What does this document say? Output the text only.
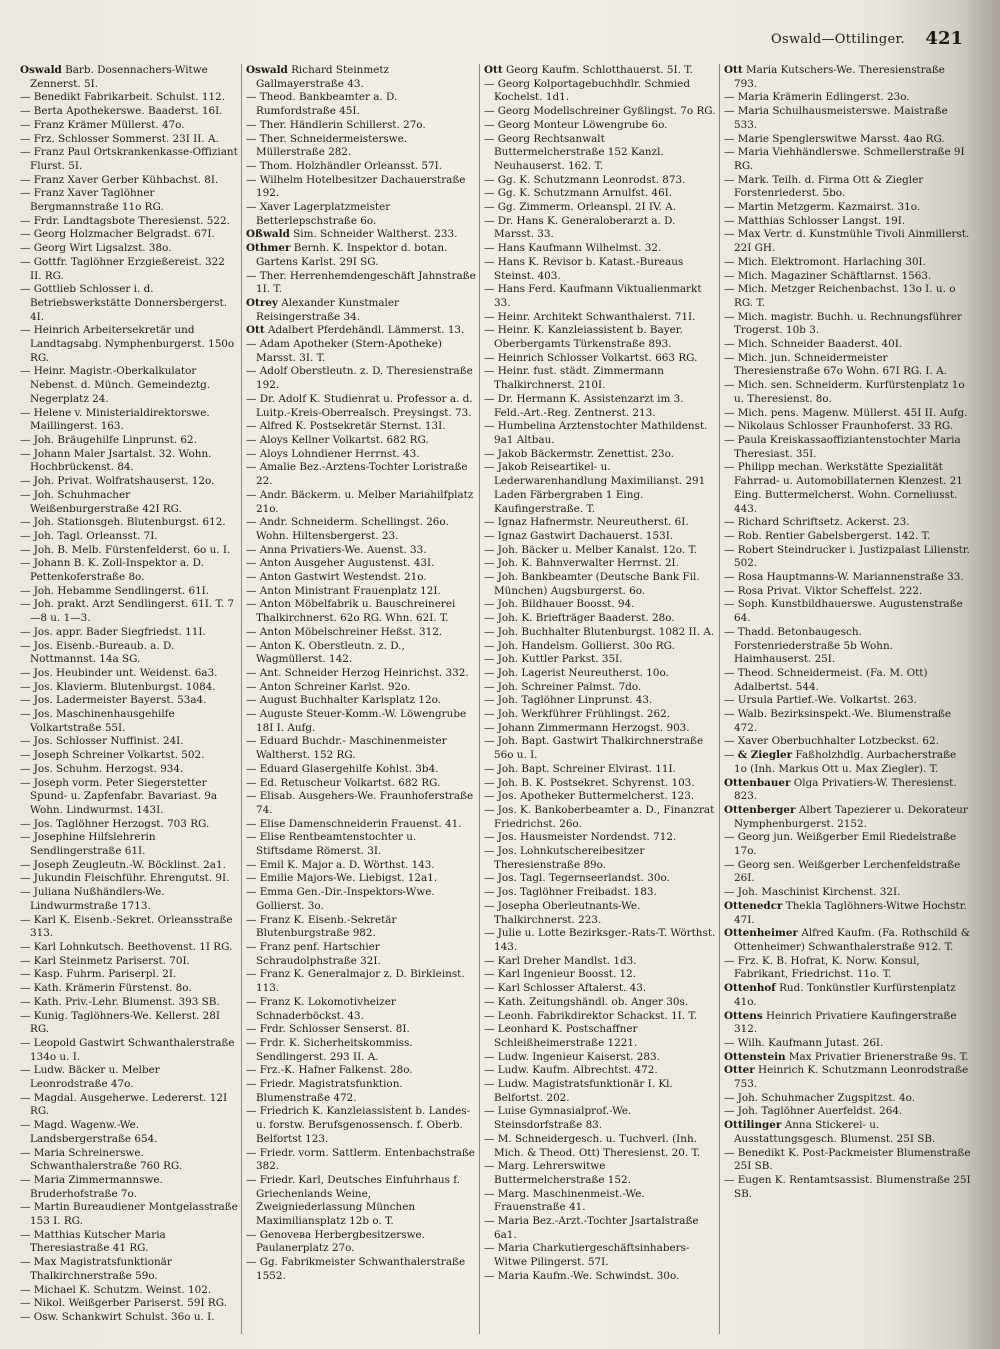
Oswald—Ottilinger. 421

Oswald Barb. Dosennachers-Witwe Zennerst. 5I.

— Benedikt Fabrikarbeit. Schulst. 112.

— Berta Apothekerswe. Baaderst. 16I.

— Franz Krämer Müllerst. 47o.

— Frz. Schlosser Sommerst. 23I II. A.

— Franz Paul Ortskrankenkasse-Offiziant Flurst. 5I.

— Franz Xaver Gerber Kühbachst. 8I.

— Franz Xaver Taglöhner Bergmannstraße 11o RG.

— Frdr. Landtagsbote Theresienst. 522.

— Georg Holzmacher Belgradst. 67I.

— Georg Wirt Ligsalzst. 38o.

— Gottfr. Taglöhner Erzgießereist. 322 II. RG.

— Gottlieb Schlosser i. d. Betriebswerkstätte Donnersbergerst. 4I.

— Heinrich Arbeitersekretär und Landtagsabg. Nymphenburgerst. 150o RG.

— Heinr. Magistr.-Oberkalkulator Nebenst. d. Münch. Gemeindeztg. Negerplatz 24.

— Helene v. Ministerialdirektorswe. Maillingerst. 163.

— Joh. Bräugehilfe Linprunst. 62.

— Johann Maler Jsartalst. 32. Wohn. Hochbrückenst. 84.

— Joh. Privat. Wolfratshauserst. 12o.

— Joh. Schuhmacher Weißenburgerstraße 42I RG.

— Joh. Stationsgeh. Blutenburgst. 612.

— Joh. Tagl. Orleansst. 7I.

— Joh. B. Melb. Fürstenfelderst. 6o u. I.

— Johann B. K. Zoll-Inspektor a. D. Pettenkoferstraße 8o.

— Joh. Hebamme Sendlingerst. 61I.

— Joh. prakt. Arzt Sendlingerst. 61I. T. 7—8 u. 1—3.

— Jos. appr. Bader Siegfriedst. 11I.

— Jos. Eisenb.-Bureaub. a. D. Nottmannst. 14a SG.

— Jos. Heubinder unt. Weidenst. 6a3.

— Jos. Klavierm. Blutenburgst. 1084.

— Jos. Ladermeister Bayerst. 53a4.

— Jos. Maschinenhausgehilfe Volkartstraße 55I.

— Jos. Schlosser Nuffinist. 24I.

— Joseph Schreiner Volkartst. 502.

— Jos. Schuhm. Herzogst. 934.

— Joseph vorm. Peter Siegerstetter Spund- u. Zapfenfabr. Bavariast. 9a Wohn. Lindwurmst. 143I.

— Jos. Taglöhner Herzogst. 703 RG.

— Josephine Hilfslehrerin Sendlingerstraße 61I.

— Joseph Zeugleutn.-W. Böcklinst. 2a1.

— Jukundin Fleischführ. Ehrengutst. 9I.

— Juliana Nußhändlers-We. Lindwurmstraße 1713.

— Karl K. Eisenb.-Sekret. Orleansstraße 313.

— Karl Lohnkutsch. Beethovenst. 1I RG.

— Karl Steinmetz Pariserst. 70I.

— Kasp. Fuhrm. Pariserpl. 2I.

— Kath. Krämerin Fürstenst. 8o.

— Kath. Priv.-Lehr. Blumenst. 393 SB.

— Kunig. Taglöhners-We. Kellerst. 28I RG.

— Leopold Gastwirt Schwanthalerstraße 134o u. I.

— Ludw. Bäcker u. Melber Leonrodstraße 47o.

— Magdal. Ausgeherwe. Ledererst. 12I RG.

— Magd. Wagenw.-We. Landsbergerstraße 654.

— Maria Schreinerswe. Schwanthalerstraße 760 RG.

— Maria Zimmermannswe. Bruderhofstraße 7o.

— Martin Bureaudiener Montgelasstraße 153 I. RG.

— Matthias Kutscher Maria Theresiastraße 41 RG.

— Max Magistratsfunktionär Thalkirchnerstraße 59o.

— Michael K. Schutzm. Weinst. 102.

— Nikol. Weißgerber Pariserst. 59I RG.

— Osw. Schankwirt Schulst. 36o u. I.

Oswald Richard Steinmetz Gallmayerstraße 43.

— Theod. Bankbeamter a. D. Rumfordstraße 45I.

— Ther. Händlerin Schillerst. 27o.

— Ther. Schneidermeisterswe. Müllerstraße 282.

— Thom. Holzhändler Orleansst. 57I.

— Wilhelm Hotelbesitzer Dachauerstraße 192.

— Xaver Lagerplatzmeister Betterlepschstraße 6o.

Oßwald Sim. Schneider Waltherst. 233.

Othmer Bernh. K. Inspektor d. botan. Gartens Karlst. 29I SG.

— Ther. Herrenhemdengeschäft Jahnstraße 1I. T.

Otrey Alexander Kunstmaler Reisingerstraße 34.

Ott Adalbert Pferdehändl. Lämmerst. 13.

— Adam Apotheker (Stern-Apotheke) Marsst. 3I. T.

— Adolf Oberstleutn. z. D. Theresienstraße 192.

— Dr. Adolf K. Studienrat u. Professor a. d. Luitp.-Kreis-Oberrealsch. Preysingst. 73.

— Alfred K. Postsekretär Sternst. 13I.

— Aloys Kellner Volkartst. 682 RG.

— Aloys Lohndiener Herrnst. 43.

— Amalie Bez.-Arztens-Tochter Loristraße 22.

— Andr. Bäckerm. u. Melber Mariahilfplatz 21o.

— Andr. Schneiderm. Schellingst. 26o. Wohn. Hiltensbergerst. 23.

— Anna Privatiers-We. Auenst. 33.

— Anton Ausgeher Augustenst. 43I.

— Anton Gastwirt Westendst. 21o.

— Anton Ministrant Frauenplatz 12I.

— Anton Möbelfabrik u. Bauschreinerei Thalkirchnerst. 62o RG. Whn. 62I. T.

— Anton Möbelschreiner Heßst. 312.

— Anton K. Oberstleutn. z. D., Wagmüllerst. 142.

— Ant. Schneider Herzog Heinrichst. 332.

— Anton Schreiner Karlst. 92o.

— August Buchhalter Karlsplatz 12o.

— Auguste Steuer-Komm.-W. Löwengrube 18I I. Aufg.

— Eduard Buchdr.- Maschinenmeister Waltherst. 152 RG.

— Eduard Glasergehilfe Kohlst. 3b4.

— Ed. Retuscheur Volkartst. 682 RG.

— Elisab. Ausgehers-We. Fraunhoferstraße 74.

— Elise Damenschneiderin Frauenst. 41.

— Elise Rentbeamtenstochter u. Stiftsdame Römerst. 3I.

— Emil K. Major a. D. Wörthst. 143.

— Emilie Majors-We. Liebigst. 12a1.

— Emma Gen.-Dir.-Inspektors-Wwe. Gollierst. 3o.

— Franz K. Eisenb.-Sekretär Blutenburgstraße 982.

— Franz penf. Hartschier Schraudolphstraße 32I.

— Franz K. Generalmajor z. D. Birkleinst. 113.

— Franz K. Lokomotivheizer Schnaderböckst. 43.

— Frdr. Schlosser Senserst. 8I.

— Frdr. K. Sicherheitskommiss. Sendlingerst. 293 II. A.

— Frz.-K. Hafner Falkenst. 28o.

— Friedr. Magistratsfunktion. Blumenstraße 472.

— Friedrich K. Kanzleiassistent b. Landes- u. forstw. Berufsgenossensch. f. Oberb. Belfortst 123.

— Friedr. vorm. Sattlerm. Entenbachstraße 382.

— Friedr. Karl, Deutsches Einfuhrhaus f. Griechenlands Weine, Zweigniederlassung München Maximiliansplatz 12b o. T.

— Genovева Herbergbesitzerswe. Paulanerplatz 27o.

— Gg. Fabrikmeister Schwanthalerstraße 1552.

Ott Georg Kaufm. Schlotthauerst. 5I. T.

— Georg Kolportagebuchhdlr. Schmied Kochelst. 1d1.

— Georg Modellschreiner Gyßlingst. 7o RG.

— Georg Monteur Löwengrube 6o.

— Georg Rechtsanwalt Buttermelcherstraße 152 Kanzl. Neuhauserst. 162. T.

— Gg. K. Schutzmann Leonrodst. 873.

— Gg. K. Schutzmann Arnulfst. 46I.

— Gg. Zimmerm. Orleanspl. 2I IV. A.

— Dr. Hans K. Generaloberarzt a. D. Marsst. 33.

— Hans Kaufmann Wilhelmst. 32.

— Hans K. Revisor b. Katast.-Bureaus Steinst. 403.

— Hans Ferd. Kaufmann Viktualienmarkt 33.

— Heinr. Architekt Schwanthalerst. 71I.

— Heinr. K. Kanzleiassistent b. Bayer. Oberbergamts Türkenstraße 893.

— Heinrich Schlosser Volkartst. 663 RG.

— Heinr. fust. städt. Zimmermann Thalkirchnerst. 210I.

— Dr. Hermann K. Assistenzarzt im 3. Feld.-Art.-Reg. Zentnerst. 213.

— Humbelina Arztenstochter Mathildenst. 9a1 Altbau.

— Jakob Bäckermstr. Zenettist. 23o.

— Jakob Reiseartikel- u. Lederwarenhandlung Maximilianst. 291 Laden Färbergraben 1 Eing. Kaufingerstraße. T.

— Ignaz Hafnermstr. Neureutherst. 6I.

— Ignaz Gastwirt Dachauerst. 153I.

— Joh. Bäcker u. Melber Kanalst. 12o. T.

— Joh. K. Bahnverwalter Herrnst. 2I.

— Joh. Bankbeamter (Deutsche Bank Fil. München) Augsburgerst. 6o.

— Joh. Bildhauer Boosst. 94.

— Joh. K. Briefträger Baaderst. 28o.

— Joh. Buchhalter Blutenburgst. 1082 II. A.

— Joh. Handelsm. Gollierst. 30o RG.

— Joh. Kuttler Parkst. 35I.

— Joh. Lagerist Neureutherst. 10o.

— Joh. Schreiner Palmst. 7do.

— Joh. Taglöhner Linprunst. 43.

— Joh. Werkführer Frühlingst. 262.

— Johann Zimmermann Herzogst. 903.

— Joh. Bapt. Gastwirt Thalkirchnerstraße 56o u. I.

— Joh. Bapt. Schreiner Elvirast. 11I.

— Joh. B. K. Postsekret. Schyrenst. 103.

— Jos. Apotheker Buttermelcherst. 123.

— Jos. K. Bankoberbeamter a. D., Finanzrat Friedrichst. 26o.

— Jos. Hausmeister Nordendst. 712.

— Jos. Lohnkutschereibesitzer Theresienstraße 89o.

— Jos. Tagl. Tegernseerlandst. 30o.

— Jos. Taglöhner Freibadst. 183.

— Josepha Oberleutnants-We. Thalkirchnerst. 223.

— Julie u. Lotte Bezirksger.-Rats-T. Wörthst. 143.

— Karl Dreher Mandlst. 1d3.

— Karl Ingenieur Boosst. 12.

— Karl Schlosser Aftalerst. 43.

— Kath. Zeitungshändl. ob. Anger 30s.

— Leonh. Fabrikdirektor Schackst. 1I. T.

— Leonhard K. Postschaffner Schleißheimerstraße 1221.

— Ludw. Ingenieur Kaiserst. 283.

— Ludw. Kaufm. Albrechtst. 472.

— Ludw. Magistratsfunktionär I. Kl. Belfortst. 202.

— Luise Gymnasialprof.-We. Steinsdorfstraße 83.

— M. Schneidergesch. u. Tuchverl. (Inh. Mich. & Theod. Ott) Theresienst. 20. T.

— Marg. Lehrerswitwe Buttermelcherstraße 152.

— Marg. Maschinenmeist.-We. Frauenstraße 41.

— Maria Bez.-Arzt.-Tochter Jsartalstraße 6a1.

— Maria Charkutiergeschäftsinhabers-Witwe Pilingerst. 57I.

— Maria Kaufm.-We. Schwindst. 30o.

Ott Maria Kutschers-We. Theresienstraße 793.

— Maria Krämerin Edlingerst. 23o.

— Maria Schulhausmeisterswe. Maistraße 533.

— Marie Spenglerswitwe Marsst. 4ao RG.

— Maria Viehhändlerswe. Schmellerstraße 9I RG.

— Mark. Teilh. d. Firma Ott & Ziegler Forstenriederst. 5bo.

— Martin Metzgerm. Kazmairst. 31o.

— Matthias Schlosser Langst. 19I.

— Max Vertr. d. Kunstmühle Tivoli Ainmillerst. 22I GH.

— Mich. Elektromont. Harlaching 30I.

— Mich. Magaziner Schäftlarnst. 1563.

— Mich. Metzger Reichenbachst. 13o I. u. o RG. T.

— Mich. magistr. Buchh. u. Rechnungsführer Trogerst. 10b 3.

— Mich. Schneider Baaderst. 40I.

— Mich. jun. Schneidermeister Theresienstraße 67o Wohn. 67I RG. I. A.

— Mich. sen. Schneiderm. Kurfürstenplatz 1o u. Theresienst. 8o.

— Mich. pens. Magenw. Müllerst. 45I II. Aufg.

— Nikolaus Schlosser Fraunhoferst. 33 RG.

— Paula Kreiskassaoffiziantenstochter Maria Theresiast. 35I.

— Philipp mechan. Werkstätte Spezialität Fahrrad- u. Automobillaternen Klenzest. 21 Eing. Buttermelcherst. Wohn. Corneliusst. 443.

— Richard Schriftsetz. Ackerst. 23.

— Rob. Rentier Gabelsbergerst. 142. T.

— Robert Steindrucker i. Justizpalast Lilienstr. 502.

— Rosa Hauptmanns-W. Mariannenstraße 33.

— Rosa Privat. Viktor Scheffelst. 222.

— Soph. Kunstbildhauerswe. Augustenstraße 64.

— Thadd. Betonbaugesch. Forstenriederstraße 5b Wohn. Haimhauserst. 25I.

— Theod. Schneidermeist. (Fa. M. Ott) Adalbertst. 544.

— Ursula Partief.-We. Volkartst. 263.

— Walb. Bezirksinspekt.-We. Blumenstraße 472.

— Xaver Oberbuchhalter Lotzbeckst. 62.

— & Ziegler Faßholzhdlg. Aurbacherstraße 1o (Inh. Markus Ott u. Max Ziegler). T.

Ottenbauer Olga Privatiers-W. Theresienst. 823.

Ottenberger Albert Tapezierer u. Dekorateur Nymphenburgerst. 2152.

— Georg jun. Weißgerber Emil Riedelstraße 17o.

— Georg sen. Weißgerber Lerchenfeldstraße 26I.

— Joh. Maschinist Kirchenst. 32I.

Ottenedcr Thekla Taglöhners-Witwe Hochstr. 47I.

Ottenheimer Alfred Kaufm. (Fa. Rothschild & Ottenheimer) Schwanthalerstraße 912. T.

— Frz. K. B. Hofrat, K. Norw. Konsul, Fabrikant, Friedrichst. 11o. T.

Ottenhof Rud. Tonkünstler Kurfürstenplatz 41o.

Ottens Heinrich Privatiere Kaufingerstraße 312.

— Wilh. Kaufmann Jutast. 26I.

Ottenstein Max Privatier Brienerstraße 9s. T.

Otter Heinrich K. Schutzmann Leonrodstraße 753.

— Joh. Schuhmacher Zugspitzst. 4o.

— Joh. Taglöhner Auerfeldst. 264.

Ottilinger Anna Stickerei- u. Ausstattungsgesch. Blumenst. 25I SB.

— Benedikt K. Post-Packmeister Blumenstraße 25I SB.

— Eugen K. Rentamtsassist. Blumenstraße 25I SB.
